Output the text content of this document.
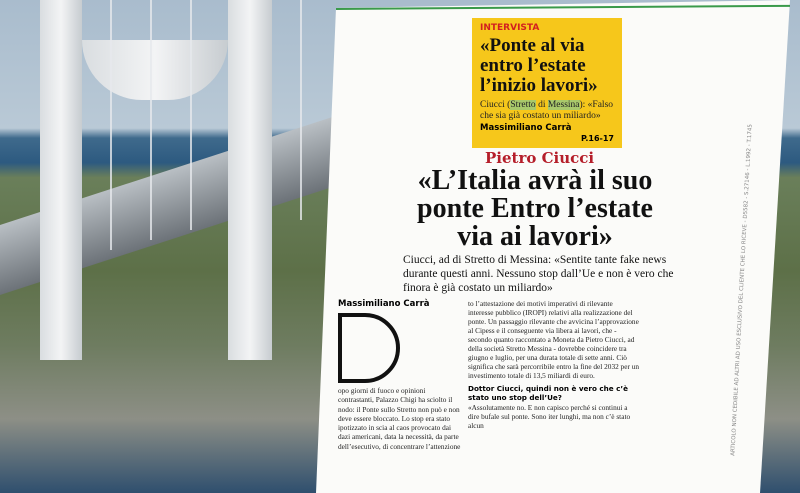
INTERVISTA
«Ponte al via entro l’estate l’inizio lavori»
Ciucci (Stretto di Messina): «Falso che sia già costato un miliardo»
Massimiliano Carrà
P.16-17
Pietro Ciucci
«L’Italia avrà il suo ponte Entro l’estate via ai lavori»
Ciucci, ad di Stretto di Messina: «Sentite tante fake news durante questi anni. Nessuno stop dall’Ue e non è vero che finora è già costato un miliardo»
Massimiliano Carrà
opo giorni di fuoco e opinioni contrastanti, Palazzo Chigi ha sciolto il nodo: il Ponte sullo Stretto non può e non deve essere bloccato. Lo stop era stato ipotizzato in scia al caos provocato dai dazi americani, data la necessità, da parte dell’esecutivo, di concentrare l’attenzione
to l’attestazione dei motivi imperativi di rilevante interesse pubblico (IROPI) relativi alla realizzazione del ponte. Un passaggio rilevante che avvicina l’approvazione al Cipess e il conseguente via libera ai lavori, che - secondo quanto raccontato a Moneta da Pietro Ciucci, ad della società Stretto Messina - dovrebbe coincidere tra giugno e luglio, per una durata totale di sette anni. Ciò significa che sarà percorribile entro la fine del 2032 per un investimento totale di 13,5 miliardi di euro.
Dottor Ciucci, quindi non è vero che c’è stato uno stop dell’Ue?
«Assolutamente no. E non capisco perché si continui a dire bufale sul ponte. Sono iter lunghi, ma non c’è stato alcun	ARTICOLO NON CEDIBILE AD ALTRI AD USO ESCLUSIVO DEL CLIENTE CHE LO RICEVE - D5582 - S.27146 - L.1992 - T.1745
